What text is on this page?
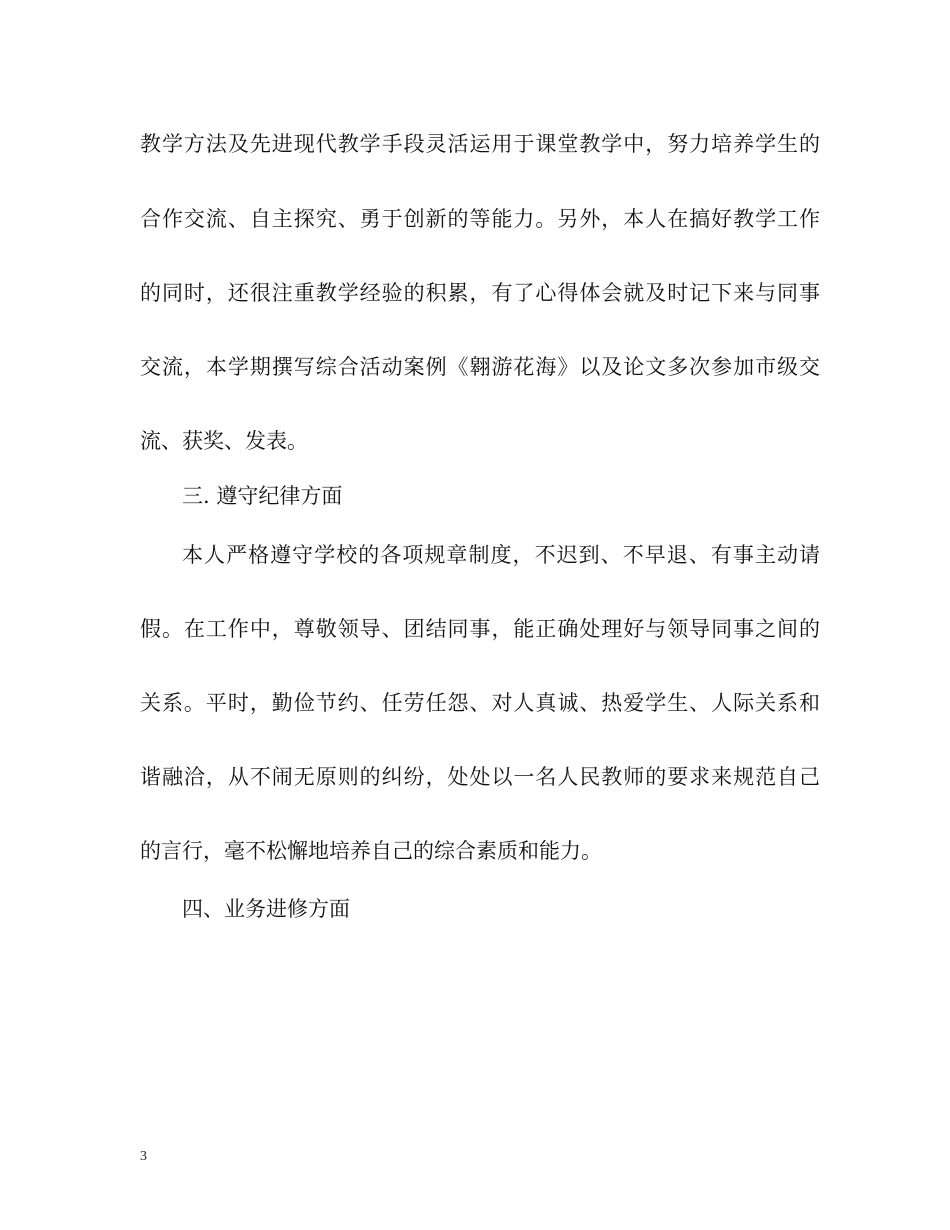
教学方法及先进现代教学手段灵活运用于课堂教学中，努力培养学生的
合作交流、自主探究、勇于创新的等能力。另外，本人在搞好教学工作
的同时，还很注重教学经验的积累，有了心得体会就及时记下来与同事
交流，本学期撰写综合活动案例《翱游花海》以及论文多次参加市级交
流、获奖、发表。
三. 遵守纪律方面
本人严格遵守学校的各项规章制度，不迟到、不早退、有事主动请
假。在工作中，尊敬领导、团结同事，能正确处理好与领导同事之间的
关系。平时，勤俭节约、任劳任怨、对人真诚、热爱学生、人际关系和
谐融洽，从不闹无原则的纠纷，处处以一名人民教师的要求来规范自己
的言行，毫不松懈地培养自己的综合素质和能力。
四、业务进修方面
3
